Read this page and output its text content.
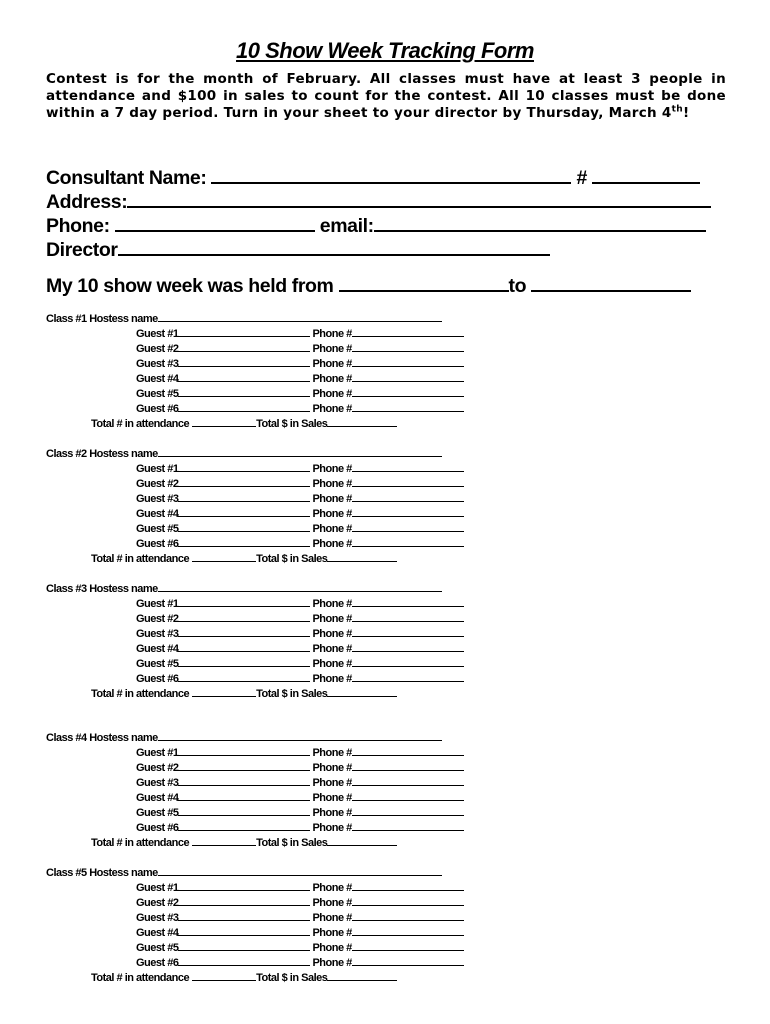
10 Show Week Tracking Form
Contest is for the month of February. All classes must have at least 3 people in attendance and $100 in sales to count for the contest. All 10 classes must be done within a 7 day period. Turn in your sheet to your director by Thursday, March 4th!
Consultant Name:	#
Address:
Phone:	email:
Director
My 10 show week was held from	to
Class #1 Hostess name
Guest #1	Phone #
Guest #2	Phone #
Guest #3	Phone #
Guest #4	Phone #
Guest #5	Phone #
Guest #6	Phone #
Total # in attendance	Total $ in Sales
Class #2 Hostess name
Guest #1	Phone #
Guest #2	Phone #
Guest #3	Phone #
Guest #4	Phone #
Guest #5	Phone #
Guest #6	Phone #
Total # in attendance	Total $ in Sales
Class #3 Hostess name
Guest #1	Phone #
Guest #2	Phone #
Guest #3	Phone #
Guest #4	Phone #
Guest #5	Phone #
Guest #6	Phone #
Total # in attendance	Total $ in Sales
Class #4 Hostess name
Guest #1	Phone #
Guest #2	Phone #
Guest #3	Phone #
Guest #4	Phone #
Guest #5	Phone #
Guest #6	Phone #
Total # in attendance	Total $ in Sales
Class #5 Hostess name
Guest #1	Phone #
Guest #2	Phone #
Guest #3	Phone #
Guest #4	Phone #
Guest #5	Phone #
Guest #6	Phone #
Total # in attendance	Total $ in Sales
